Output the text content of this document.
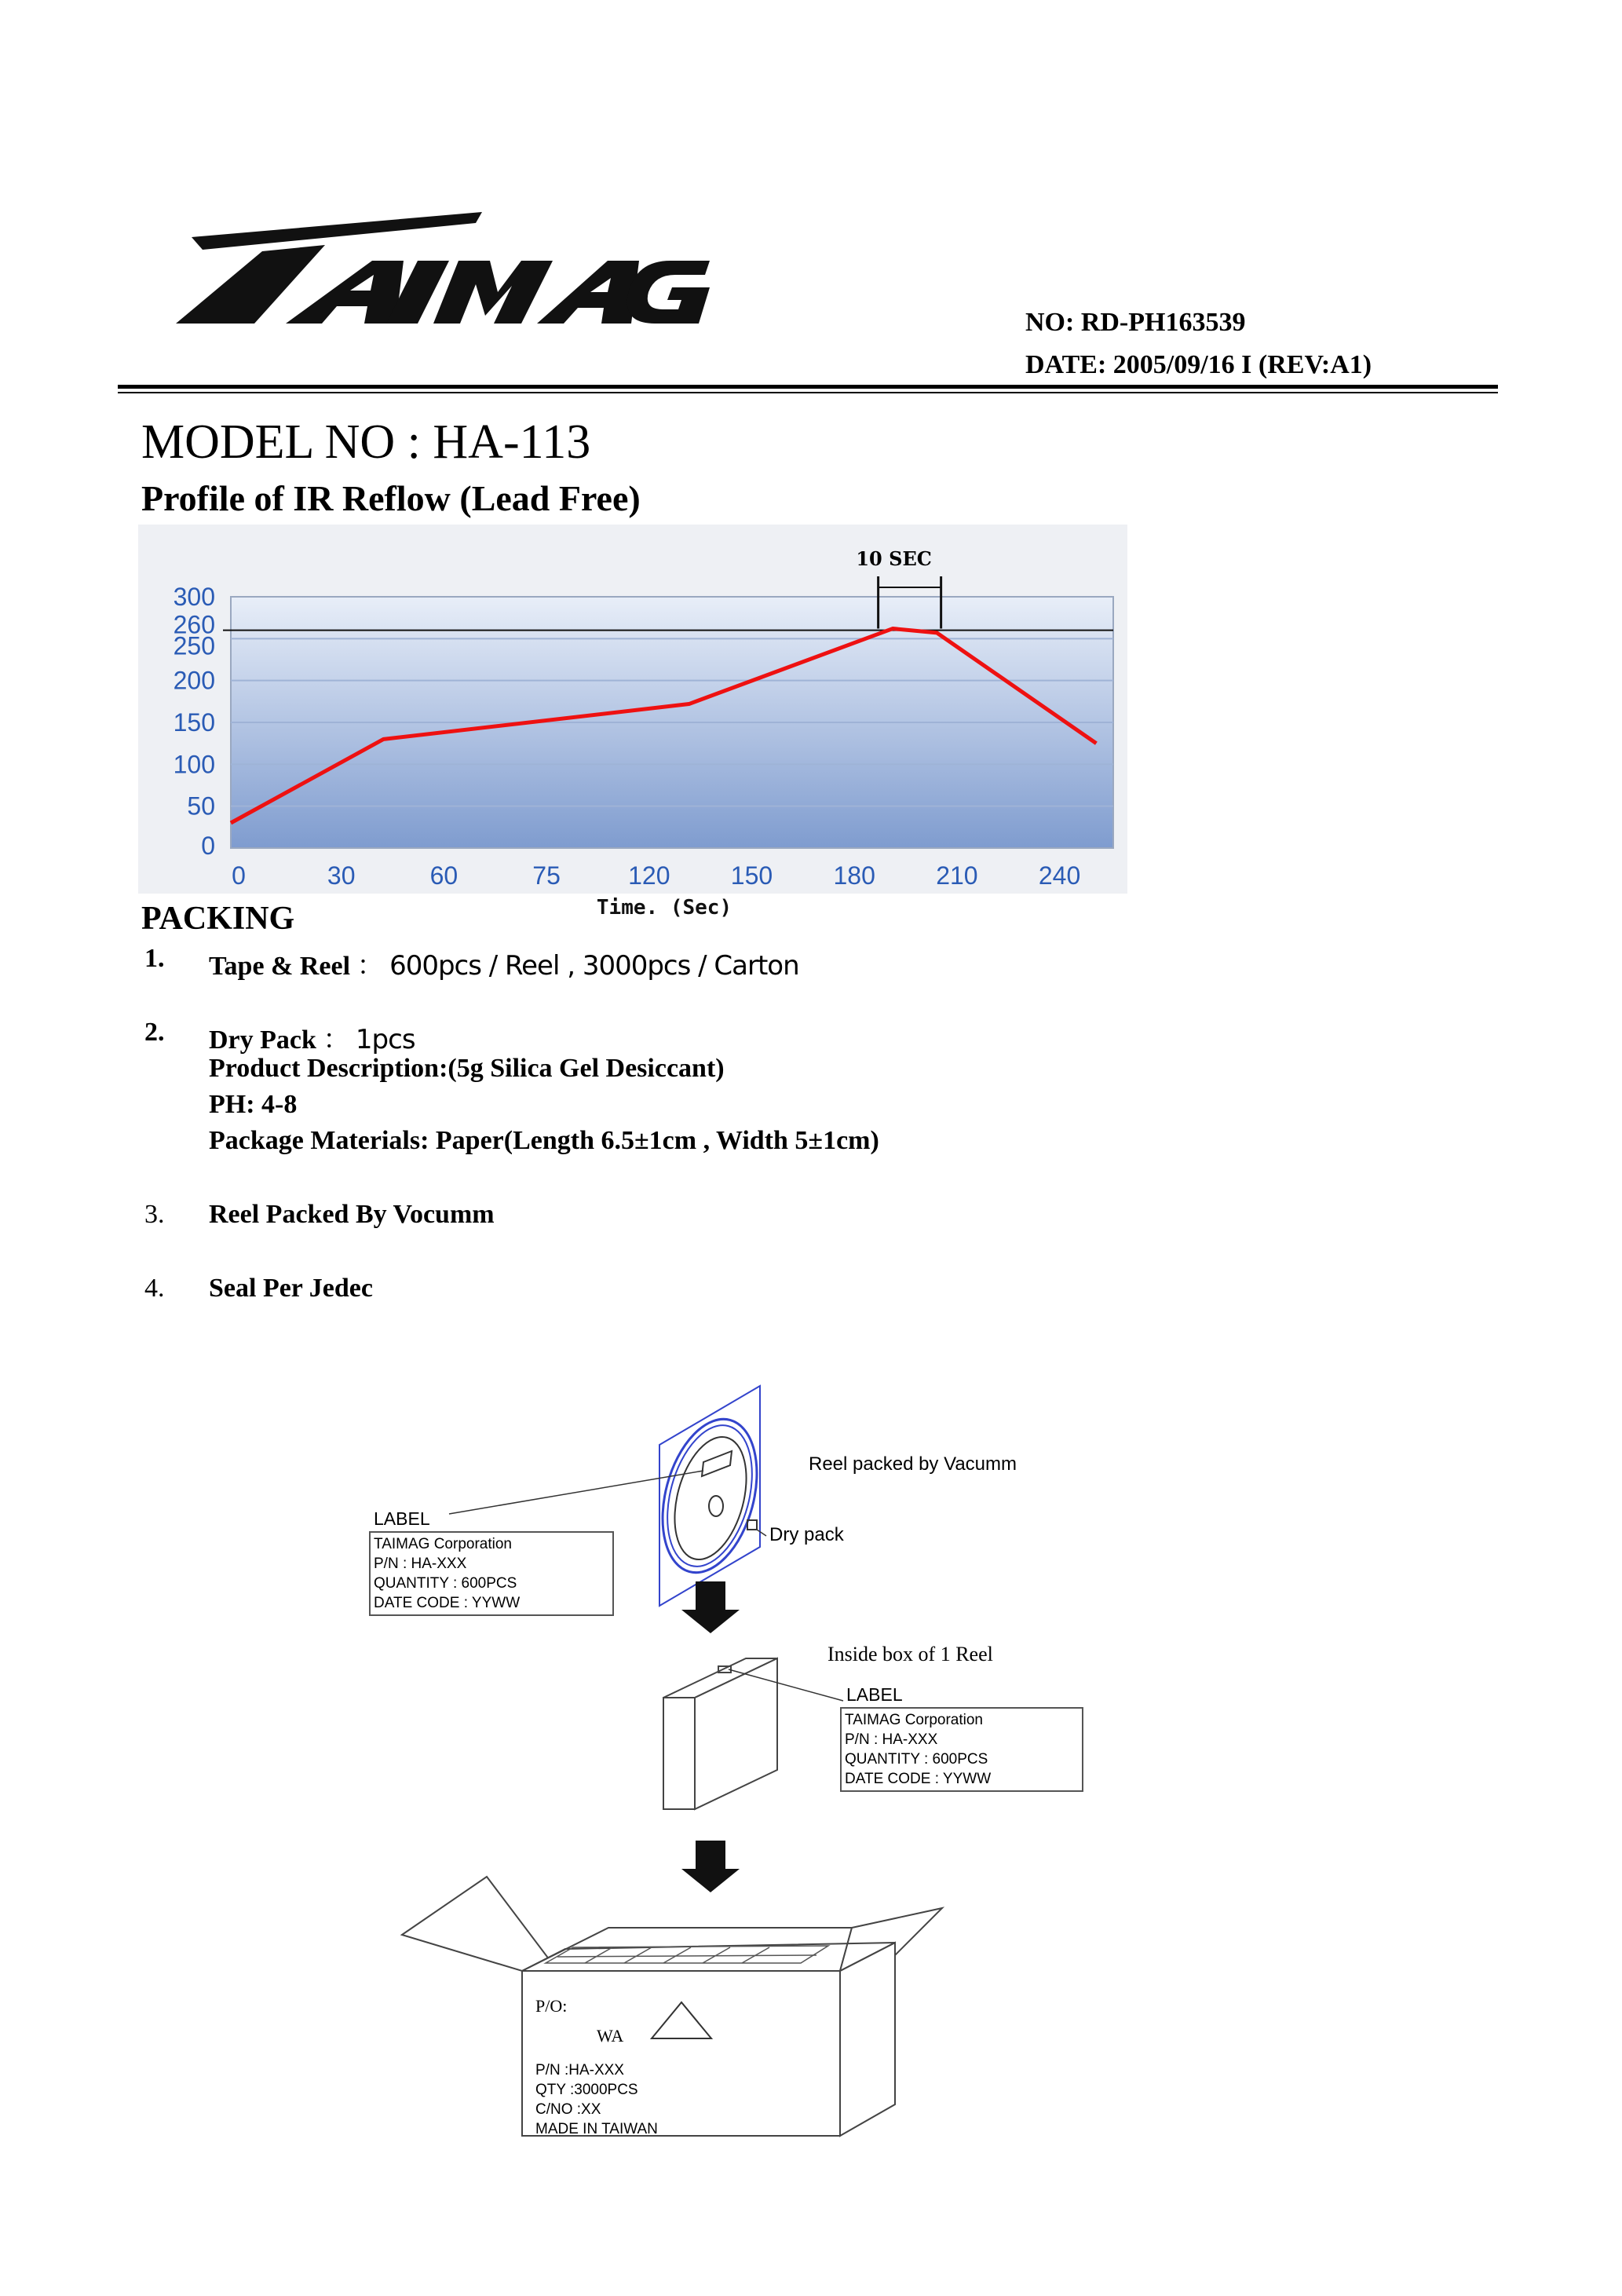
NO: RD-PH163539
DATE: 2005/09/16 I (REV:A1)
MODEL NO : HA-113
Profile of IR Reflow (Lead Free)
0
50
100
150
200
250
260
300
0	30	60	75	120 150 180 210 240
10 SEC
Time. (Sec)
PACKING
1. Tape & Reel ： 600pcs / Reel , 3000pcs / Carton
2. Dry Pack ： 1pcs
Product Description:(5g Silica Gel Desiccant)
PH: 4-8
Package Materials: Paper(Length 6.5±1cm , Width 5±1cm)
3. Reel Packed By Vocumm
4. Seal Per Jedec
Reel packed by Vacumm
Dry pack
LABEL
TAIMAG Corporation
P/N : HA-XXX
QUANTITY : 600PCS
DATE CODE : YYWW
Inside box of 1 Reel
LABEL
TAIMAG Corporation
P/N : HA-XXX
QUANTITY : 600PCS
DATE CODE : YYWW
P/O:
WA
P/N :HA-XXX
QTY :3000PCS
C/NO :XX
MADE IN TAIWAN
